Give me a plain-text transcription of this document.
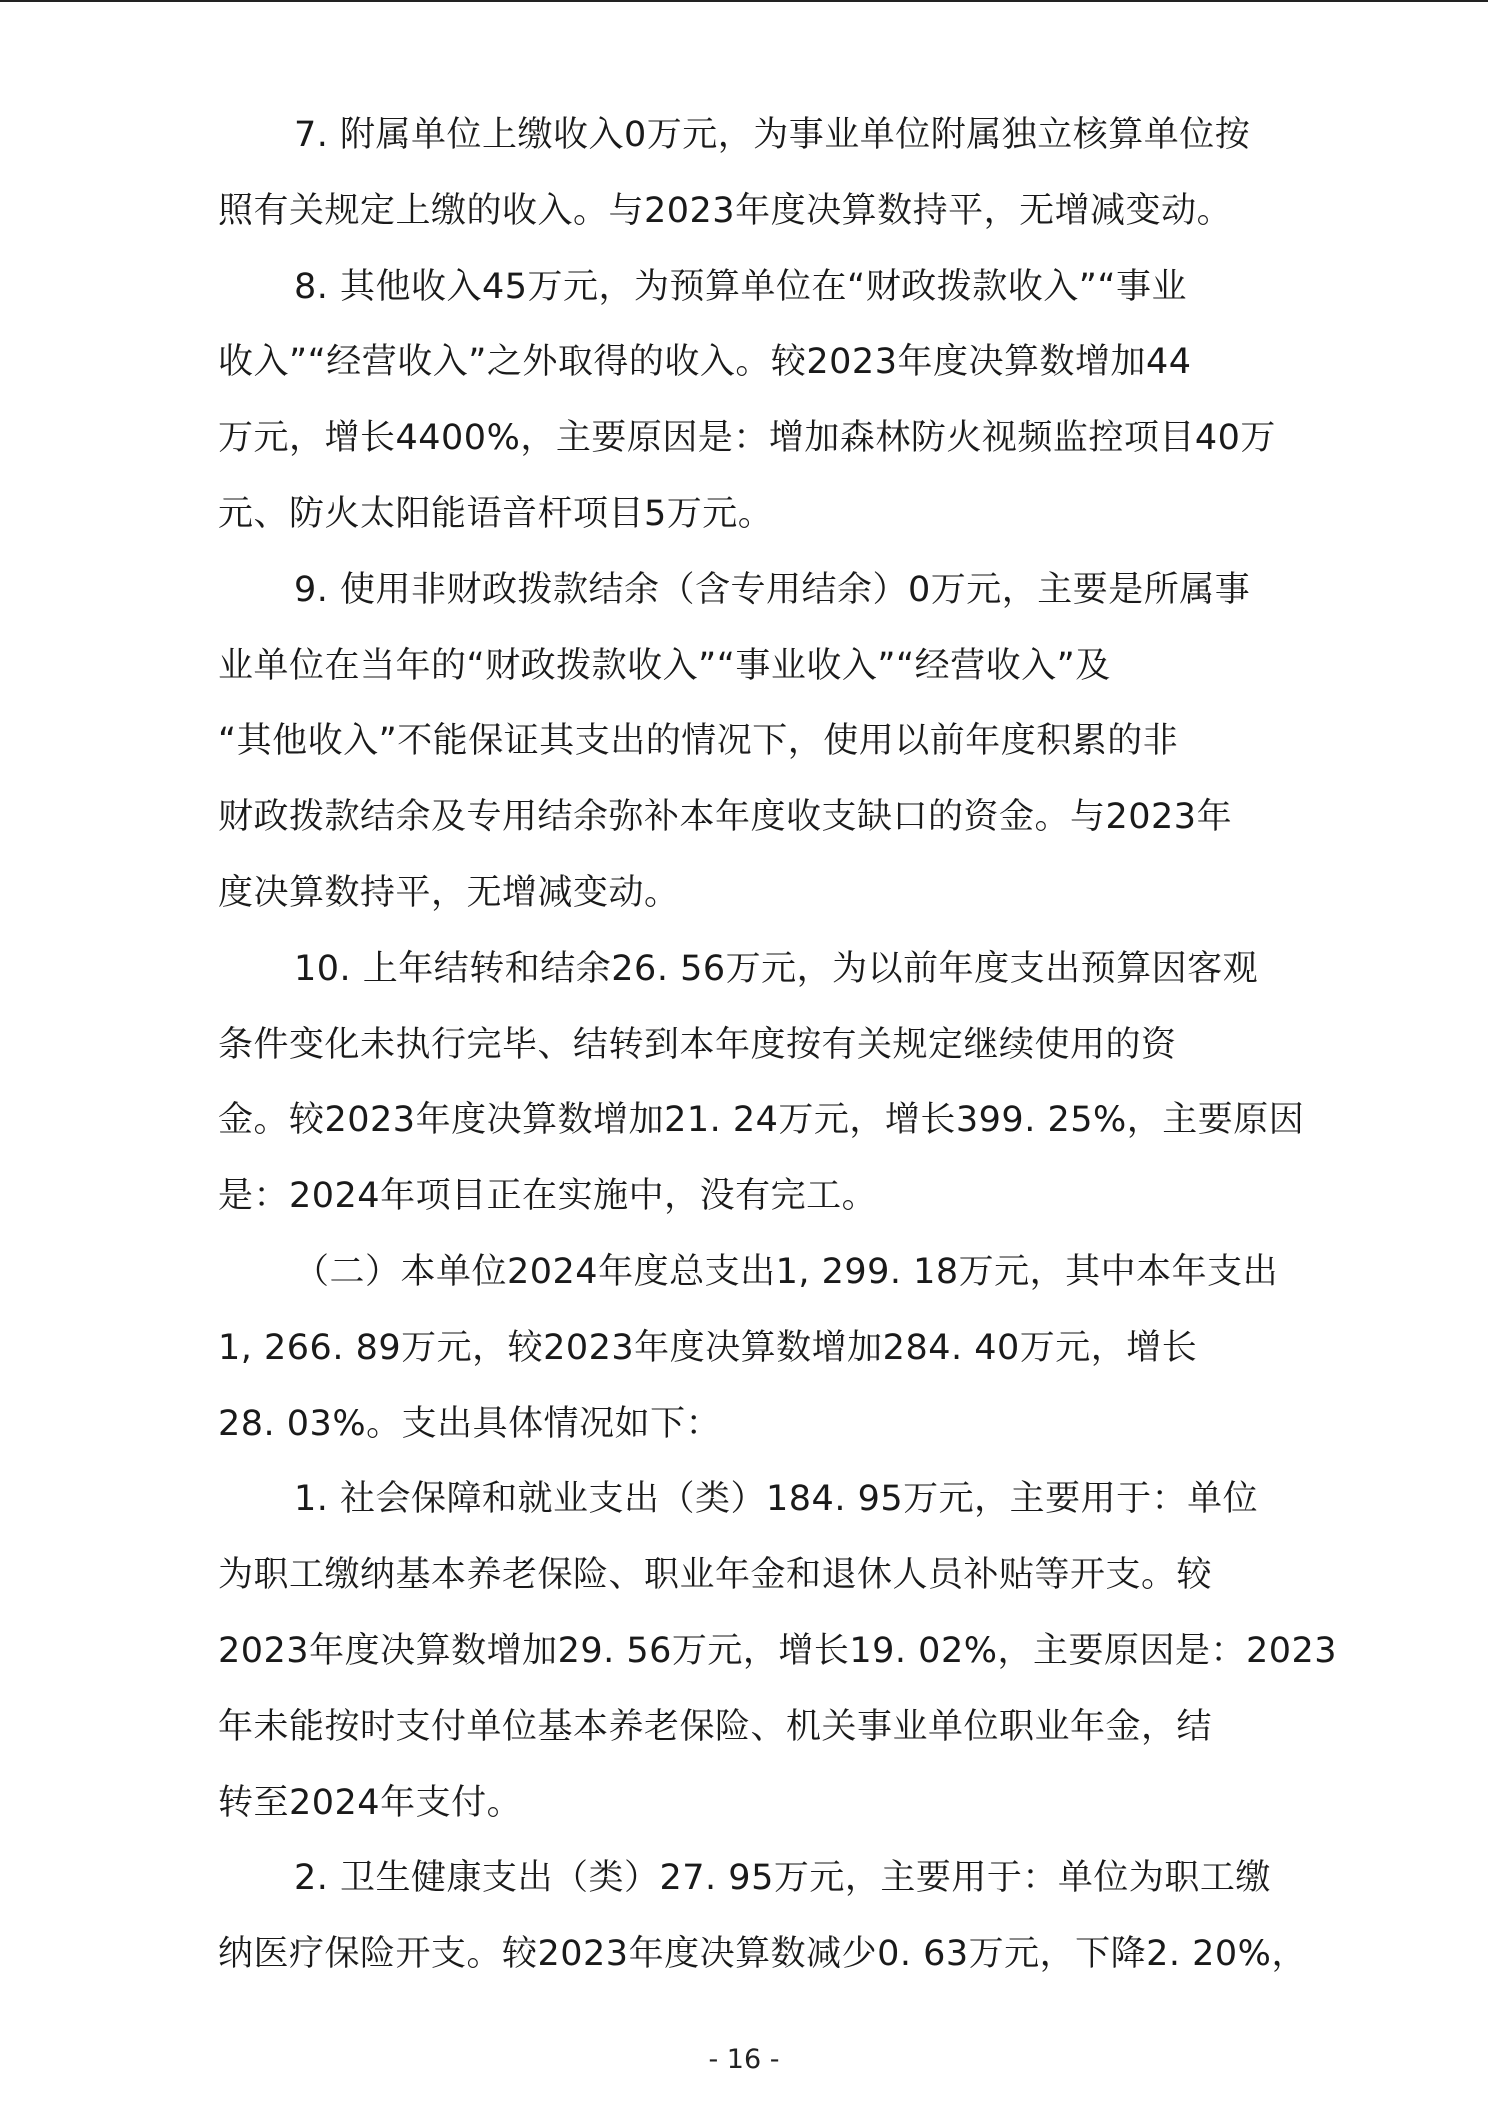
7. 附属单位上缴收入0万元，为事业单位附属独立核算单位按
照有关规定上缴的收入。与2023年度决算数持平，无增减变动。
8. 其他收入45万元，为预算单位在“财政拨款收入”“事业
收入”“经营收入”之外取得的收入。较2023年度决算数增加44
万元，增长4400%，主要原因是：增加森林防火视频监控项目40万
元、防火太阳能语音杆项目5万元。
9. 使用非财政拨款结余（含专用结余）0万元，主要是所属事
业单位在当年的“财政拨款收入”“事业收入”“经营收入”及
“其他收入”不能保证其支出的情况下，使用以前年度积累的非
财政拨款结余及专用结余弥补本年度收支缺口的资金。与2023年
度决算数持平，无增减变动。
10. 上年结转和结余26. 56万元，为以前年度支出预算因客观
条件变化未执行完毕、结转到本年度按有关规定继续使用的资
金。较2023年度决算数增加21. 24万元，增长399. 25%，主要原因
是：2024年项目正在实施中，没有完工。
（二）本单位2024年度总支出1, 299. 18万元，其中本年支出
1, 266. 89万元，较2023年度决算数增加284. 40万元，增长
28. 03%。支出具体情况如下：
1. 社会保障和就业支出（类）184. 95万元，主要用于：单位
为职工缴纳基本养老保险、职业年金和退休人员补贴等开支。较
2023年度决算数增加29. 56万元，增长19. 02%，主要原因是：2023
年未能按时支付单位基本养老保险、机关事业单位职业年金，结
转至2024年支付。
2. 卫生健康支出（类）27. 95万元，主要用于：单位为职工缴
纳医疗保险开支。较2023年度决算数减少0. 63万元，下降2. 20%，
- 16 -
